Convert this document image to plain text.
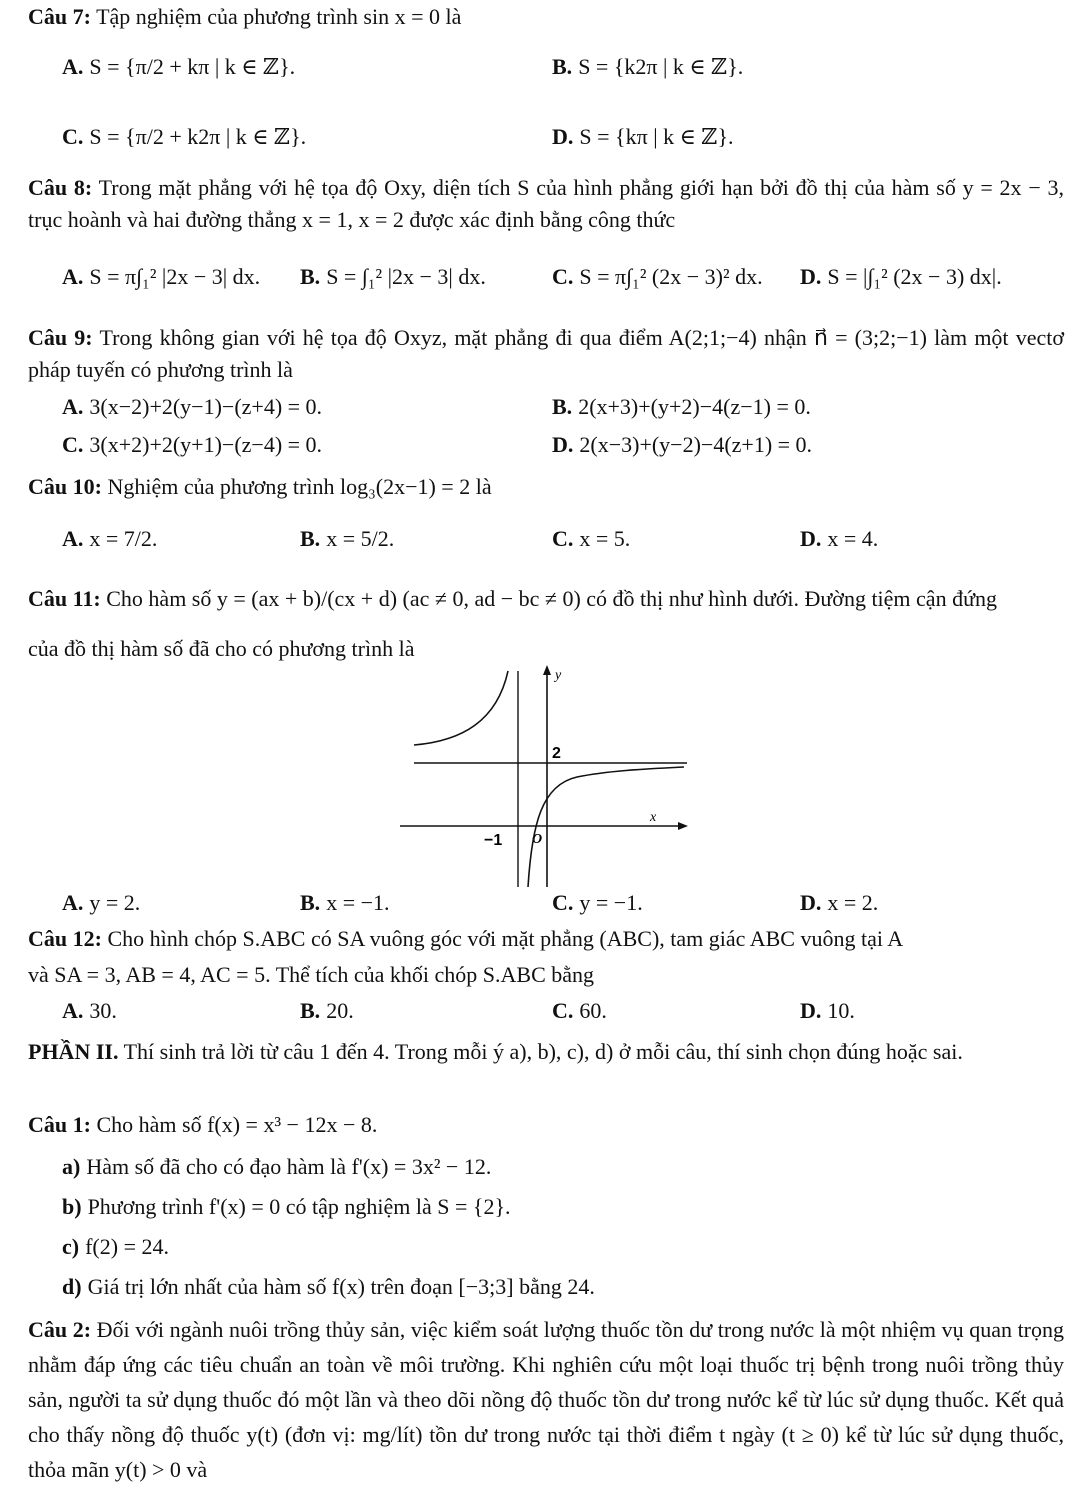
Câu 7: Tập nghiệm của phương trình sin x = 0 là
A. S = {π/2 + kπ | k ∈ ℤ}.	B. S = {k2π | k ∈ ℤ}.
C. S = {π/2 + k2π | k ∈ ℤ}.	D. S = {kπ | k ∈ ℤ}.
Câu 8: Trong mặt phẳng với hệ tọa độ Oxy, diện tích S của hình phẳng giới hạn bởi đồ thị của hàm số y = 2x − 3, trục hoành và hai đường thẳng x = 1, x = 2 được xác định bằng công thức
A. S = π∫₁² |2x − 3| dx. B. S = ∫₁² |2x − 3| dx.	C. S = π∫₁² (2x − 3)² dx. D. S = |∫₁² (2x − 3) dx|.
Câu 9: Trong không gian với hệ tọa độ Oxyz, mặt phẳng đi qua điểm A(2;1;−4) nhận n⃗ = (3;2;−1) làm một vectơ pháp tuyến có phương trình là
A. 3(x−2)+2(y−1)−(z+4) = 0.	B. 2(x+3)+(y+2)−4(z−1) = 0.
C. 3(x+2)+2(y+1)−(z−4) = 0.	D. 2(x−3)+(y−2)−4(z+1) = 0.
Câu 10: Nghiệm của phương trình log₃(2x−1) = 2 là
A. x = 7/2.	B. x = 5/2.	C. x = 5.	D. x = 4.
Câu 11: Cho hàm số y = (ax + b)/(cx + d) (ac ≠ 0, ad − bc ≠ 0) có đồ thị như hình dưới. Đường tiệm cận đứng
của đồ thị hàm số đã cho có phương trình là
y
x
2
−1 O
A. y = 2.	B. x = −1.	C. y = −1.	D. x = 2.
Câu 12: Cho hình chóp S.ABC có SA vuông góc với mặt phẳng (ABC), tam giác ABC vuông tại A
và SA = 3, AB = 4, AC = 5. Thể tích của khối chóp S.ABC bằng
A. 30.	B. 20.	C. 60.	D. 10.
PHẦN II. Thí sinh trả lời từ câu 1 đến 4. Trong mỗi ý a), b), c), d) ở mỗi câu, thí sinh chọn đúng hoặc sai.
Câu 1: Cho hàm số f(x) = x³ − 12x − 8.
a) Hàm số đã cho có đạo hàm là f'(x) = 3x² − 12.
b) Phương trình f'(x) = 0 có tập nghiệm là S = {2}.
c) f(2) = 24.
d) Giá trị lớn nhất của hàm số f(x) trên đoạn [−3;3] bằng 24.
Câu 2: Đối với ngành nuôi trồng thủy sản, việc kiểm soát lượng thuốc tồn dư trong nước là một nhiệm vụ quan trọng nhằm đáp ứng các tiêu chuẩn an toàn về môi trường. Khi nghiên cứu một loại thuốc trị bệnh trong nuôi trồng thủy sản, người ta sử dụng thuốc đó một lần và theo dõi nồng độ thuốc tồn dư trong nước kể từ lúc sử dụng thuốc. Kết quả cho thấy nồng độ thuốc y(t) (đơn vị: mg/lít) tồn dư trong nước tại thời điểm t ngày (t ≥ 0) kể từ lúc sử dụng thuốc, thỏa mãn y(t) > 0 và
